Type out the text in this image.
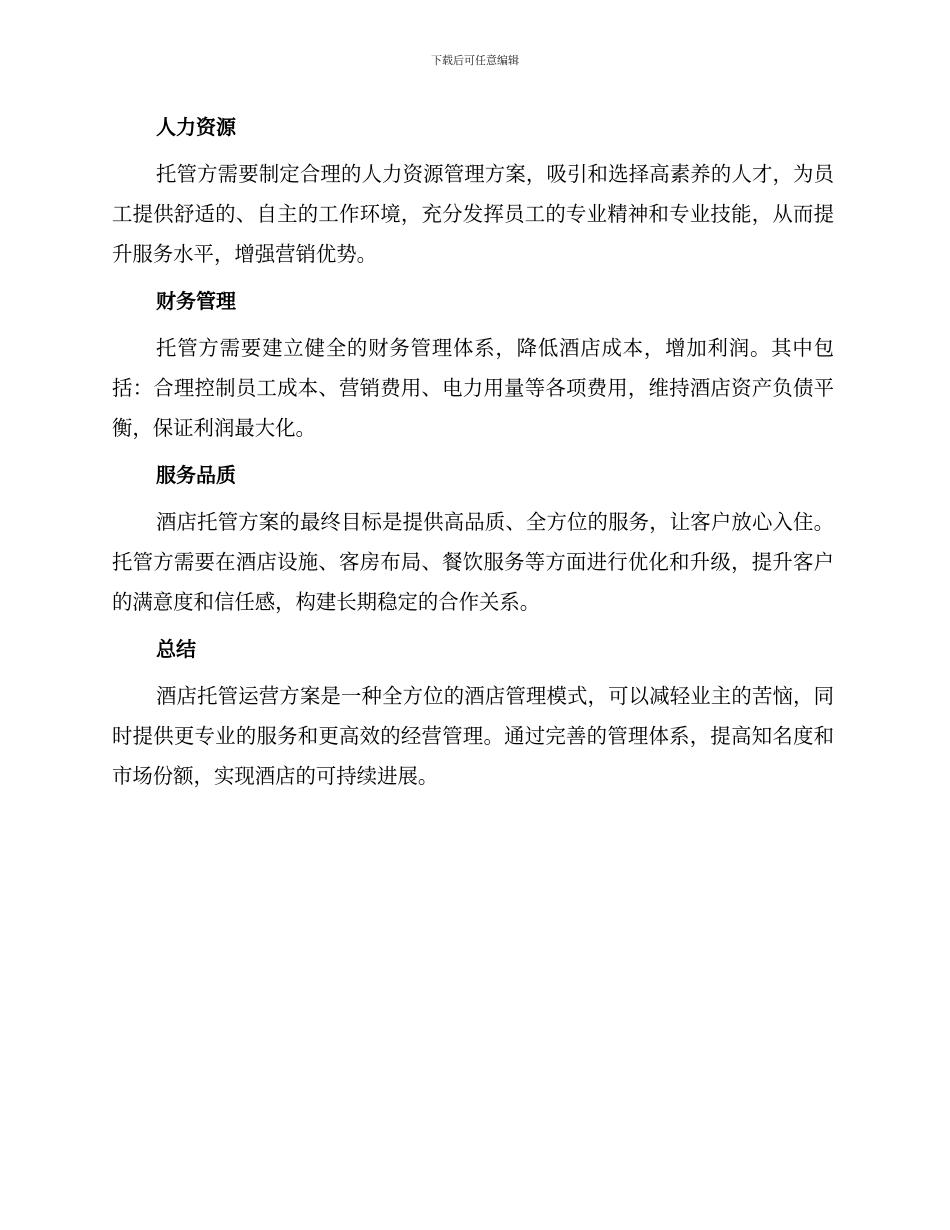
下载后可任意编辑
人力资源

托管方需要制定合理的人力资源管理方案，吸引和选择高素养的人才，为员工提供舒适的、自主的工作环境，充分发挥员工的专业精神和专业技能，从而提升服务水平，增强营销优势。

财务管理

托管方需要建立健全的财务管理体系，降低酒店成本，增加利润。其中包括：合理控制员工成本、营销费用、电力用量等各项费用，维持酒店资产负债平衡，保证利润最大化。

服务品质

酒店托管方案的最终目标是提供高品质、全方位的服务，让客户放心入住。托管方需要在酒店设施、客房布局、餐饮服务等方面进行优化和升级，提升客户的满意度和信任感，构建长期稳定的合作关系。

总结

酒店托管运营方案是一种全方位的酒店管理模式，可以减轻业主的苦恼，同时提供更专业的服务和更高效的经营管理。通过完善的管理体系，提高知名度和市场份额，实现酒店的可持续进展。
